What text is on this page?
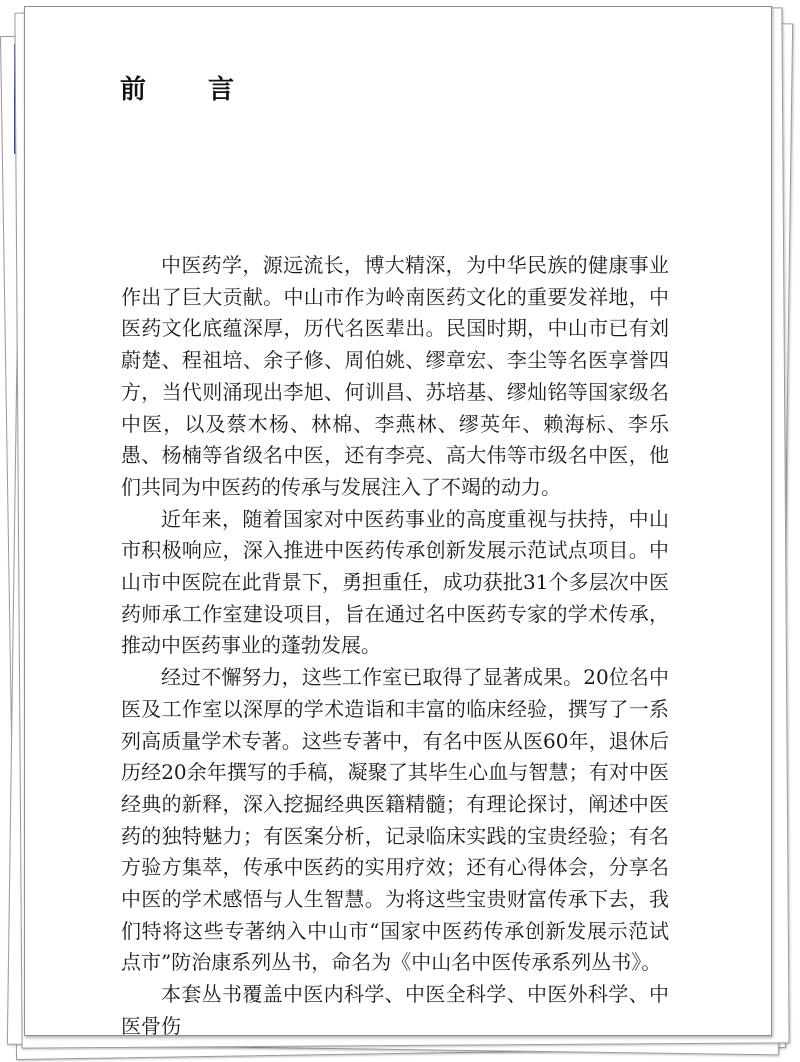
前　言

中医药学，源远流长，博大精深，为中华民族的健康事业作出了巨大贡献。中山市作为岭南医药文化的重要发祥地，中医药文化底蕴深厚，历代名医辈出。民国时期，中山市已有刘蔚楚、程祖培、余子修、周伯姚、缪章宏、李尘等名医享誉四方，当代则涌现出李旭、何训昌、苏培基、缪灿铭等国家级名中医，以及蔡木杨、林棉、李燕林、缪英年、赖海标、李乐愚、杨楠等省级名中医，还有李亮、高大伟等市级名中医，他们共同为中医药的传承与发展注入了不竭的动力。

近年来，随着国家对中医药事业的高度重视与扶持，中山市积极响应，深入推进中医药传承创新发展示范试点项目。中山市中医院在此背景下，勇担重任，成功获批31个多层次中医药师承工作室建设项目，旨在通过名中医药专家的学术传承，推动中医药事业的蓬勃发展。

经过不懈努力，这些工作室已取得了显著成果。20位名中医及工作室以深厚的学术造诣和丰富的临床经验，撰写了一系列高质量学术专著。这些专著中，有名中医从医60年，退休后历经20余年撰写的手稿，凝聚了其毕生心血与智慧；有对中医经典的新释，深入挖掘经典医籍精髓；有理论探讨，阐述中医药的独特魅力；有医案分析，记录临床实践的宝贵经验；有名方验方集萃，传承中医药的实用疗效；还有心得体会，分享名中医的学术感悟与人生智慧。为将这些宝贵财富传承下去，我们特将这些专著纳入中山市“国家中医药传承创新发展示范试点市”防治康系列丛书，命名为《中山名中医传承系列丛书》。

本套丛书覆盖中医内科学、中医全科学、中医外科学、中医骨伤
